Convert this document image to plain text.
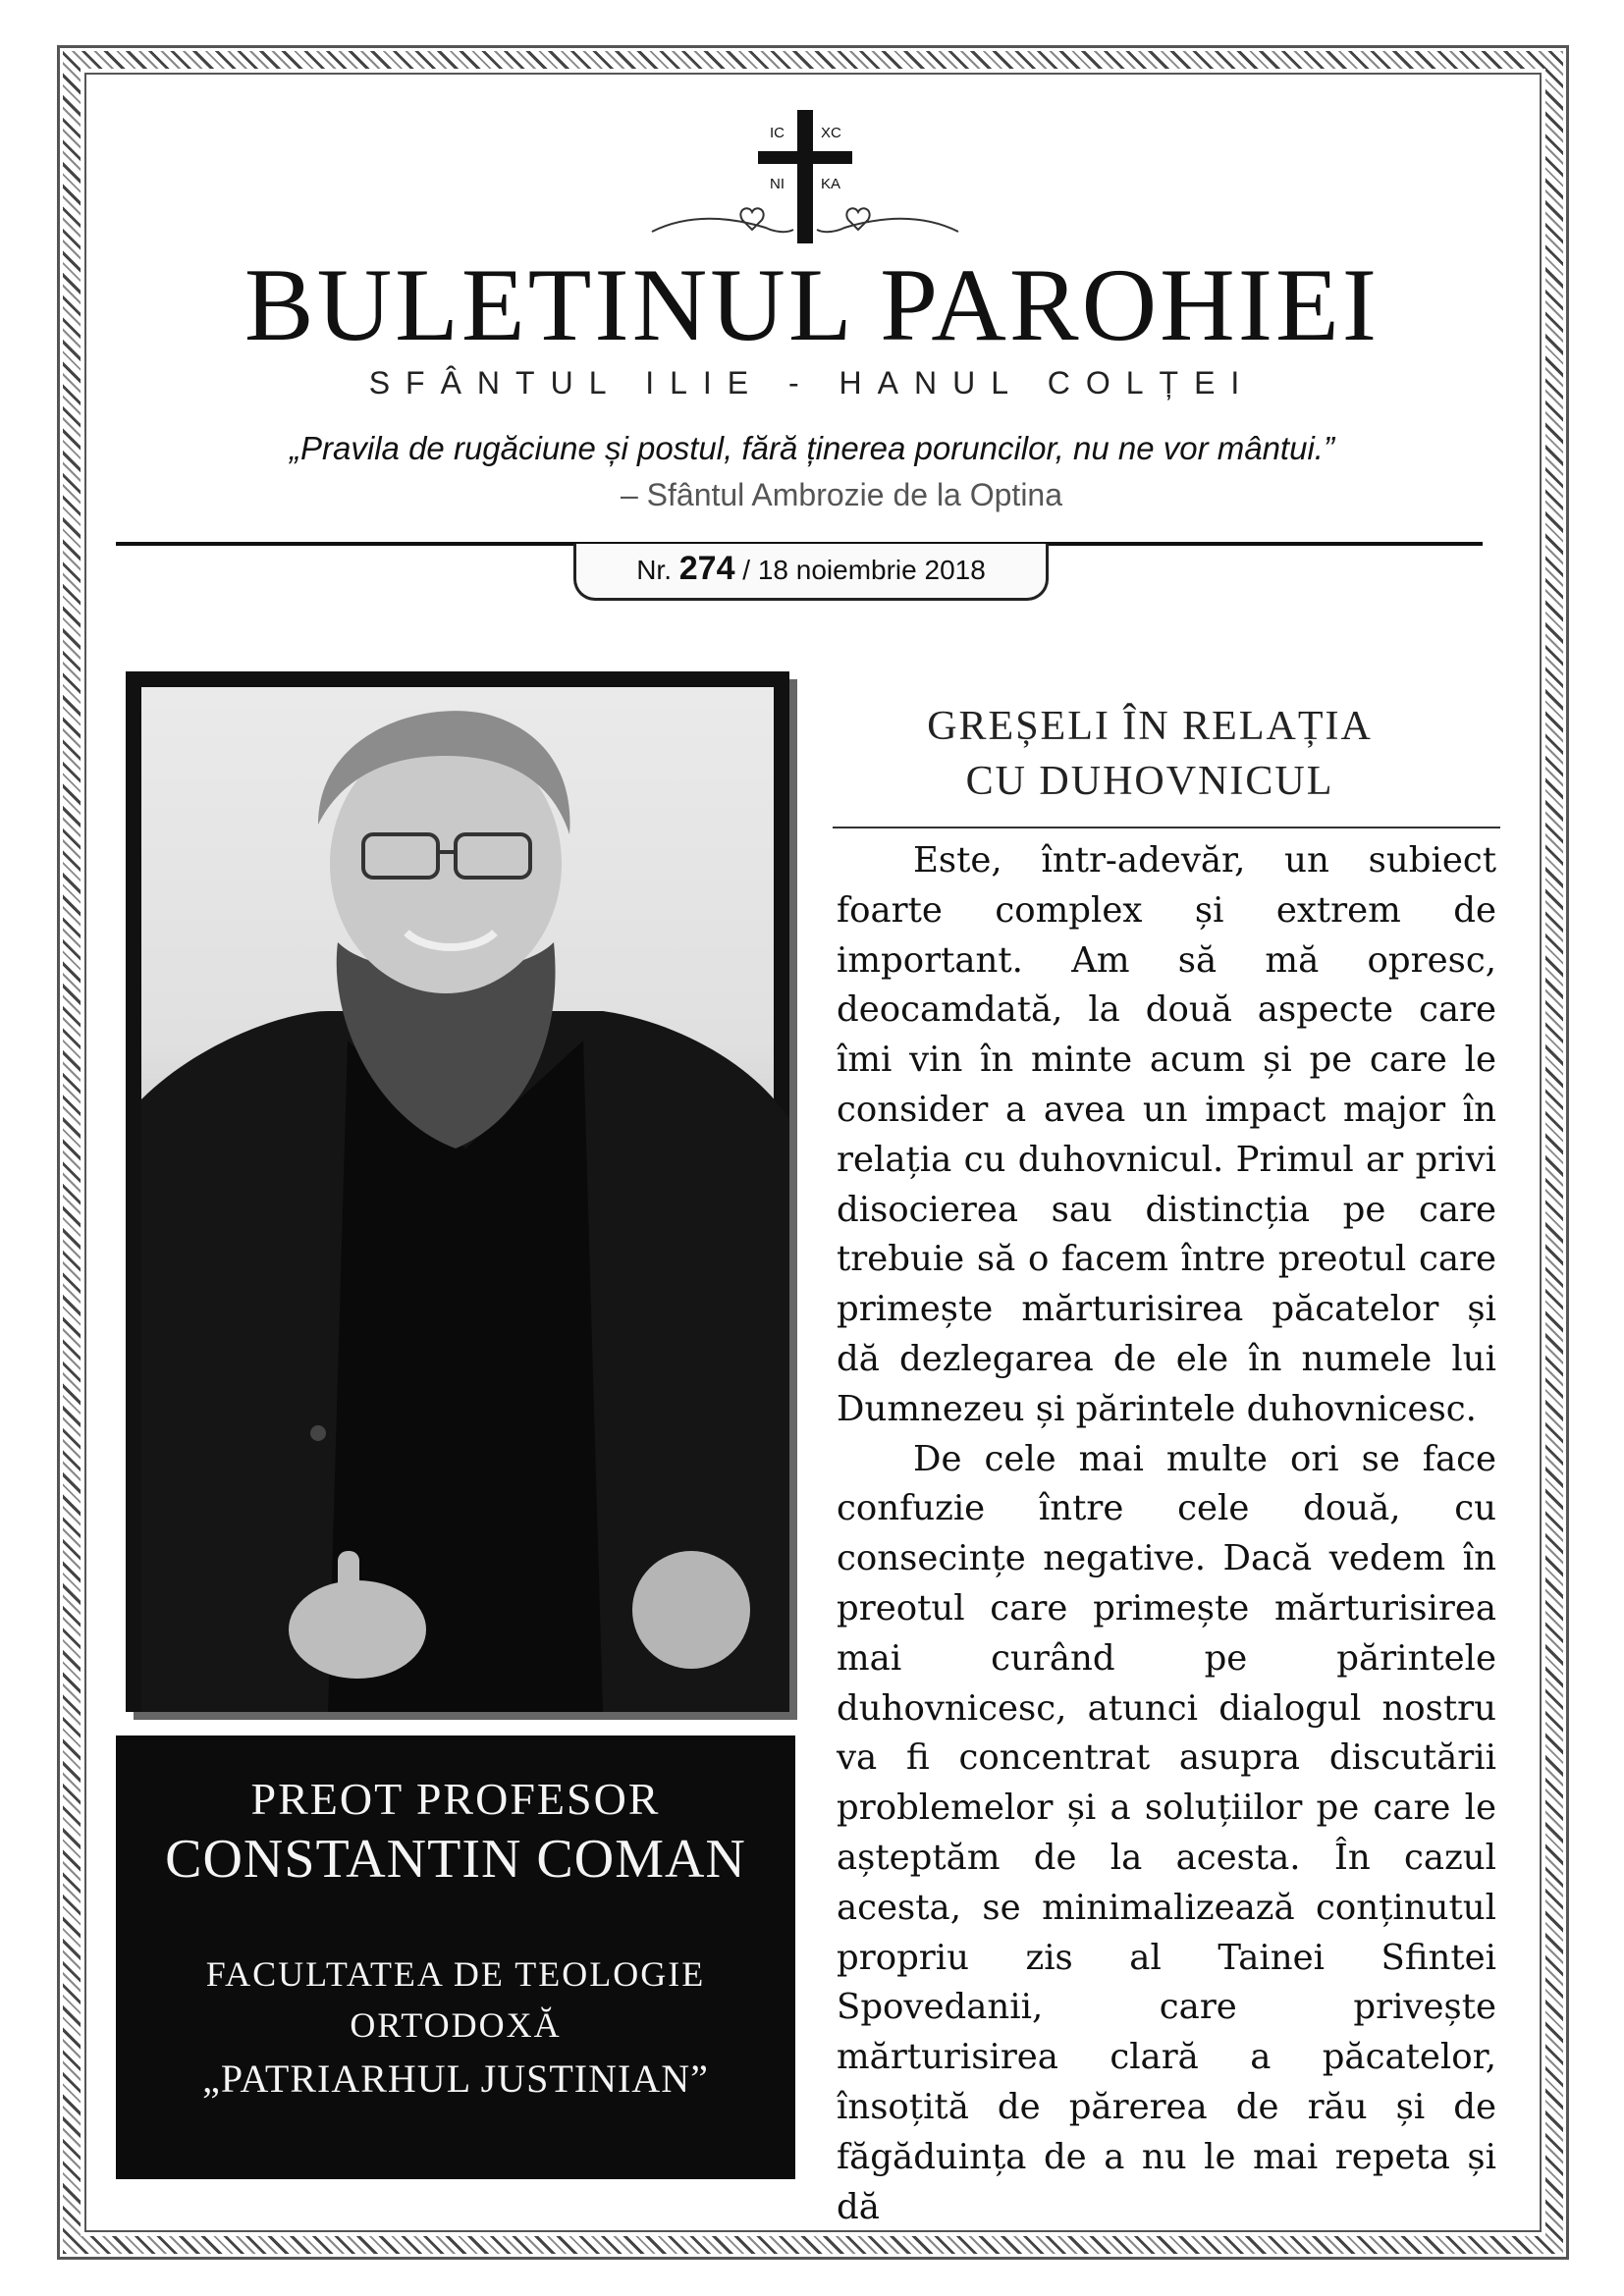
IC XC
NI KA
BULETINUL PAROHIEI
SFÂNTUL ILIE - HANUL COLȚEI
„Pravila de rugăciune și postul, fără ținerea poruncilor, nu ne vor mântui.”
– Sfântul Ambrozie de la Optina
Nr. 274 / 18 noiembrie 2018
PREOT PROFESOR
CONSTANTIN COMAN
FACULTATEA DE TEOLOGIE
ORTODOXĂ
„PATRIARHUL JUSTINIAN”
GREȘELI ÎN RELAȚIA
CU DUHOVNICUL

Este, într-adevăr, un subiect foarte complex și extrem de important. Am să mă opresc, deocamdată, la două aspecte care îmi vin în minte acum și pe care le consider a avea un impact major în relația cu duhovnicul. Primul ar privi disocierea sau distincția pe care trebuie să o facem între preotul care primește mărturisirea păcatelor și dă dezlegarea de ele în numele lui Dumnezeu și părintele duhovnicesc.

De cele mai multe ori se face confuzie între cele două, cu consecințe negative. Dacă vedem în preotul care primește mărturisirea mai curând pe părintele duhovnicesc, atunci dialogul nostru va fi concentrat asupra discutării problemelor și a soluțiilor pe care le așteptăm de la acesta. În cazul acesta, se minimalizează conținutul propriu zis al Tainei Sfintei Spovedanii, care privește mărturisirea clară a păcatelor, însoțită de părerea de rău și de făgăduința de a nu le mai repeta și dă
